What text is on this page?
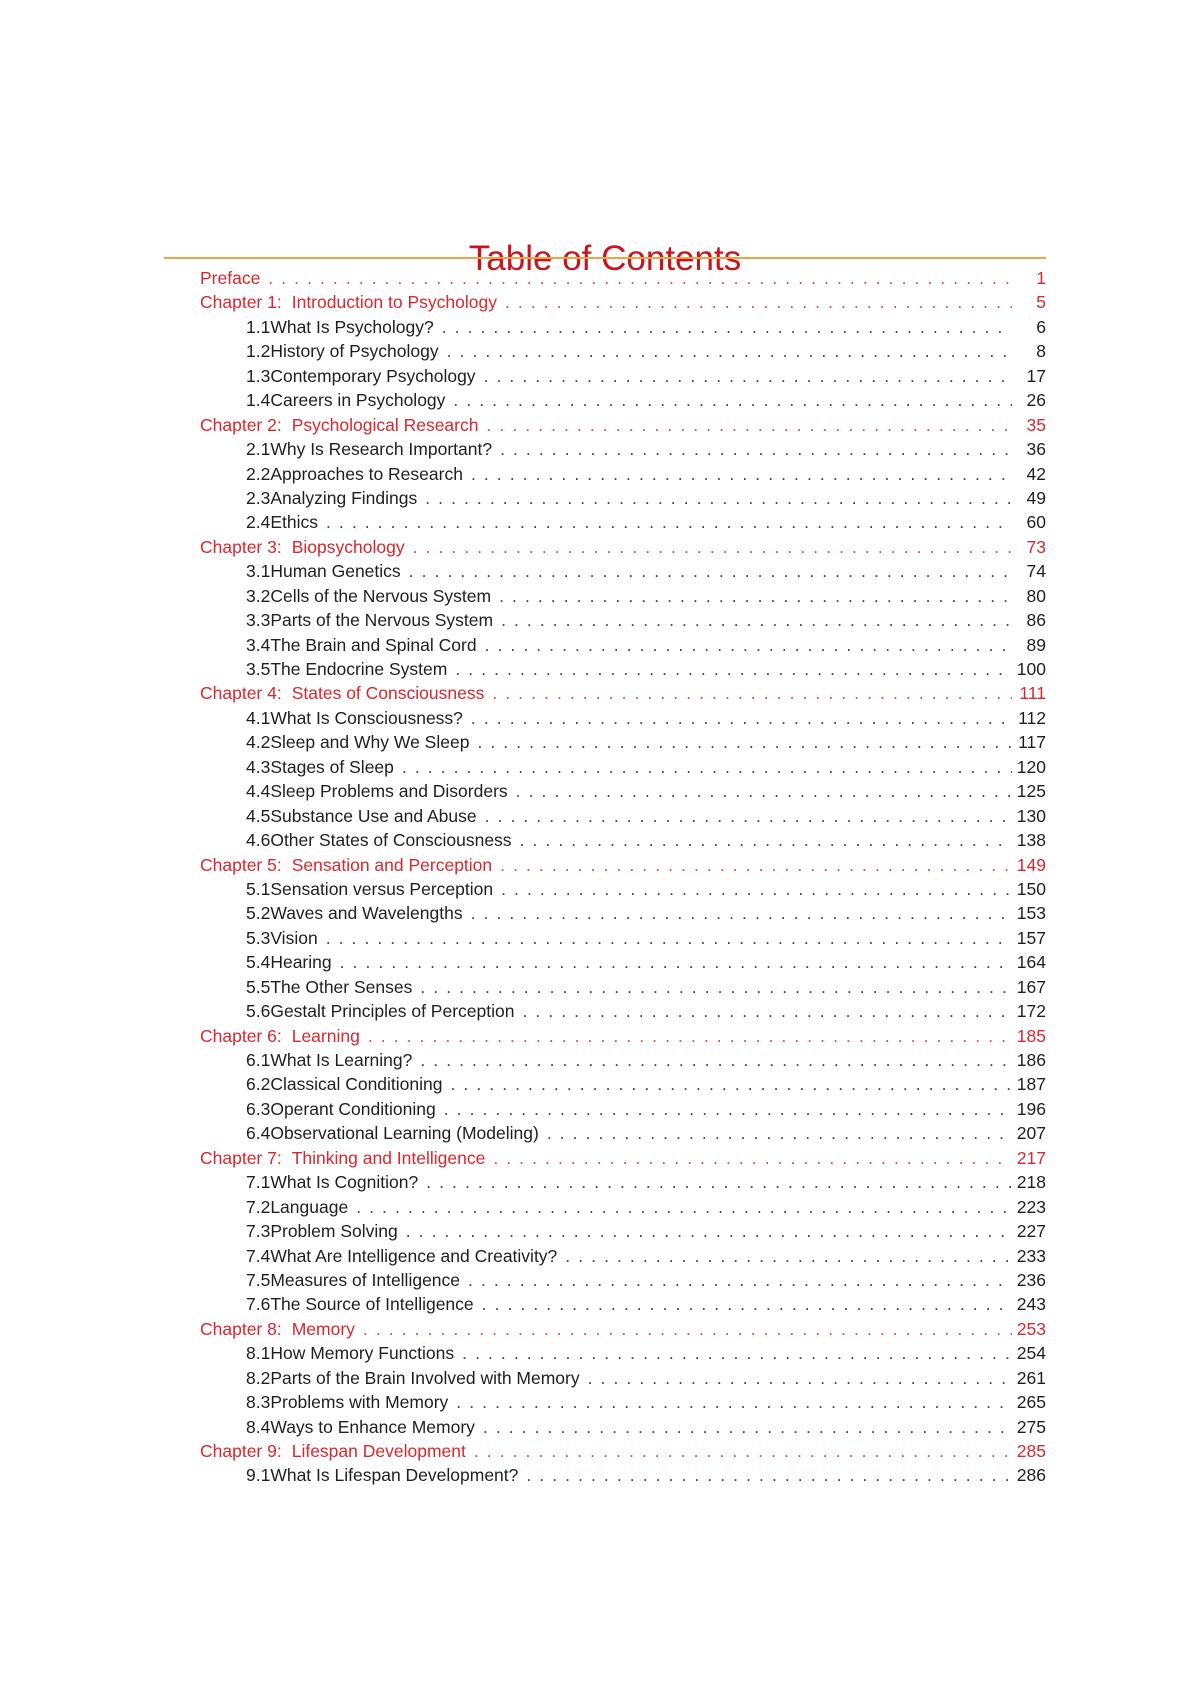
Table of Contents
Preface . . .	1
Chapter 1: Introduction to Psychology . . .	5
1.1 What Is Psychology? . . .	6
1.2 History of Psychology . . .	8
1.3 Contemporary Psychology . . .	17
1.4 Careers in Psychology . . .	26
Chapter 2: Psychological Research . . .	35
2.1 Why Is Research Important? . . .	36
2.2 Approaches to Research . . .	42
2.3 Analyzing Findings . . .	49
2.4 Ethics . . .	60
Chapter 3: Biopsychology . . .	73
3.1 Human Genetics . . .	74
3.2 Cells of the Nervous System . . .	80
3.3 Parts of the Nervous System . . .	86
3.4 The Brain and Spinal Cord . . .	89
3.5 The Endocrine System . . .	100
Chapter 4: States of Consciousness . . .	111
4.1 What Is Consciousness? . . .	112
4.2 Sleep and Why We Sleep . . .	117
4.3 Stages of Sleep . . .	120
4.4 Sleep Problems and Disorders . . .	125
4.5 Substance Use and Abuse . . .	130
4.6 Other States of Consciousness . . .	138
Chapter 5: Sensation and Perception . . .	149
5.1 Sensation versus Perception . . .	150
5.2 Waves and Wavelengths . . .	153
5.3 Vision . . .	157
5.4 Hearing . . .	164
5.5 The Other Senses . . .	167
5.6 Gestalt Principles of Perception . . .	172
Chapter 6: Learning . . .	185
6.1 What Is Learning? . . .	186
6.2 Classical Conditioning . . .	187
6.3 Operant Conditioning . . .	196
6.4 Observational Learning (Modeling) . . .	207
Chapter 7: Thinking and Intelligence . . .	217
7.1 What Is Cognition? . . .	218
7.2 Language . . .	223
7.3 Problem Solving . . .	227
7.4 What Are Intelligence and Creativity? . . .	233
7.5 Measures of Intelligence . . .	236
7.6 The Source of Intelligence . . .	243
Chapter 8: Memory . . .	253
8.1 How Memory Functions . . .	254
8.2 Parts of the Brain Involved with Memory . . .	261
8.3 Problems with Memory . . .	265
8.4 Ways to Enhance Memory . . .	275
Chapter 9: Lifespan Development . . .	285
9.1 What Is Lifespan Development? . . .	286
